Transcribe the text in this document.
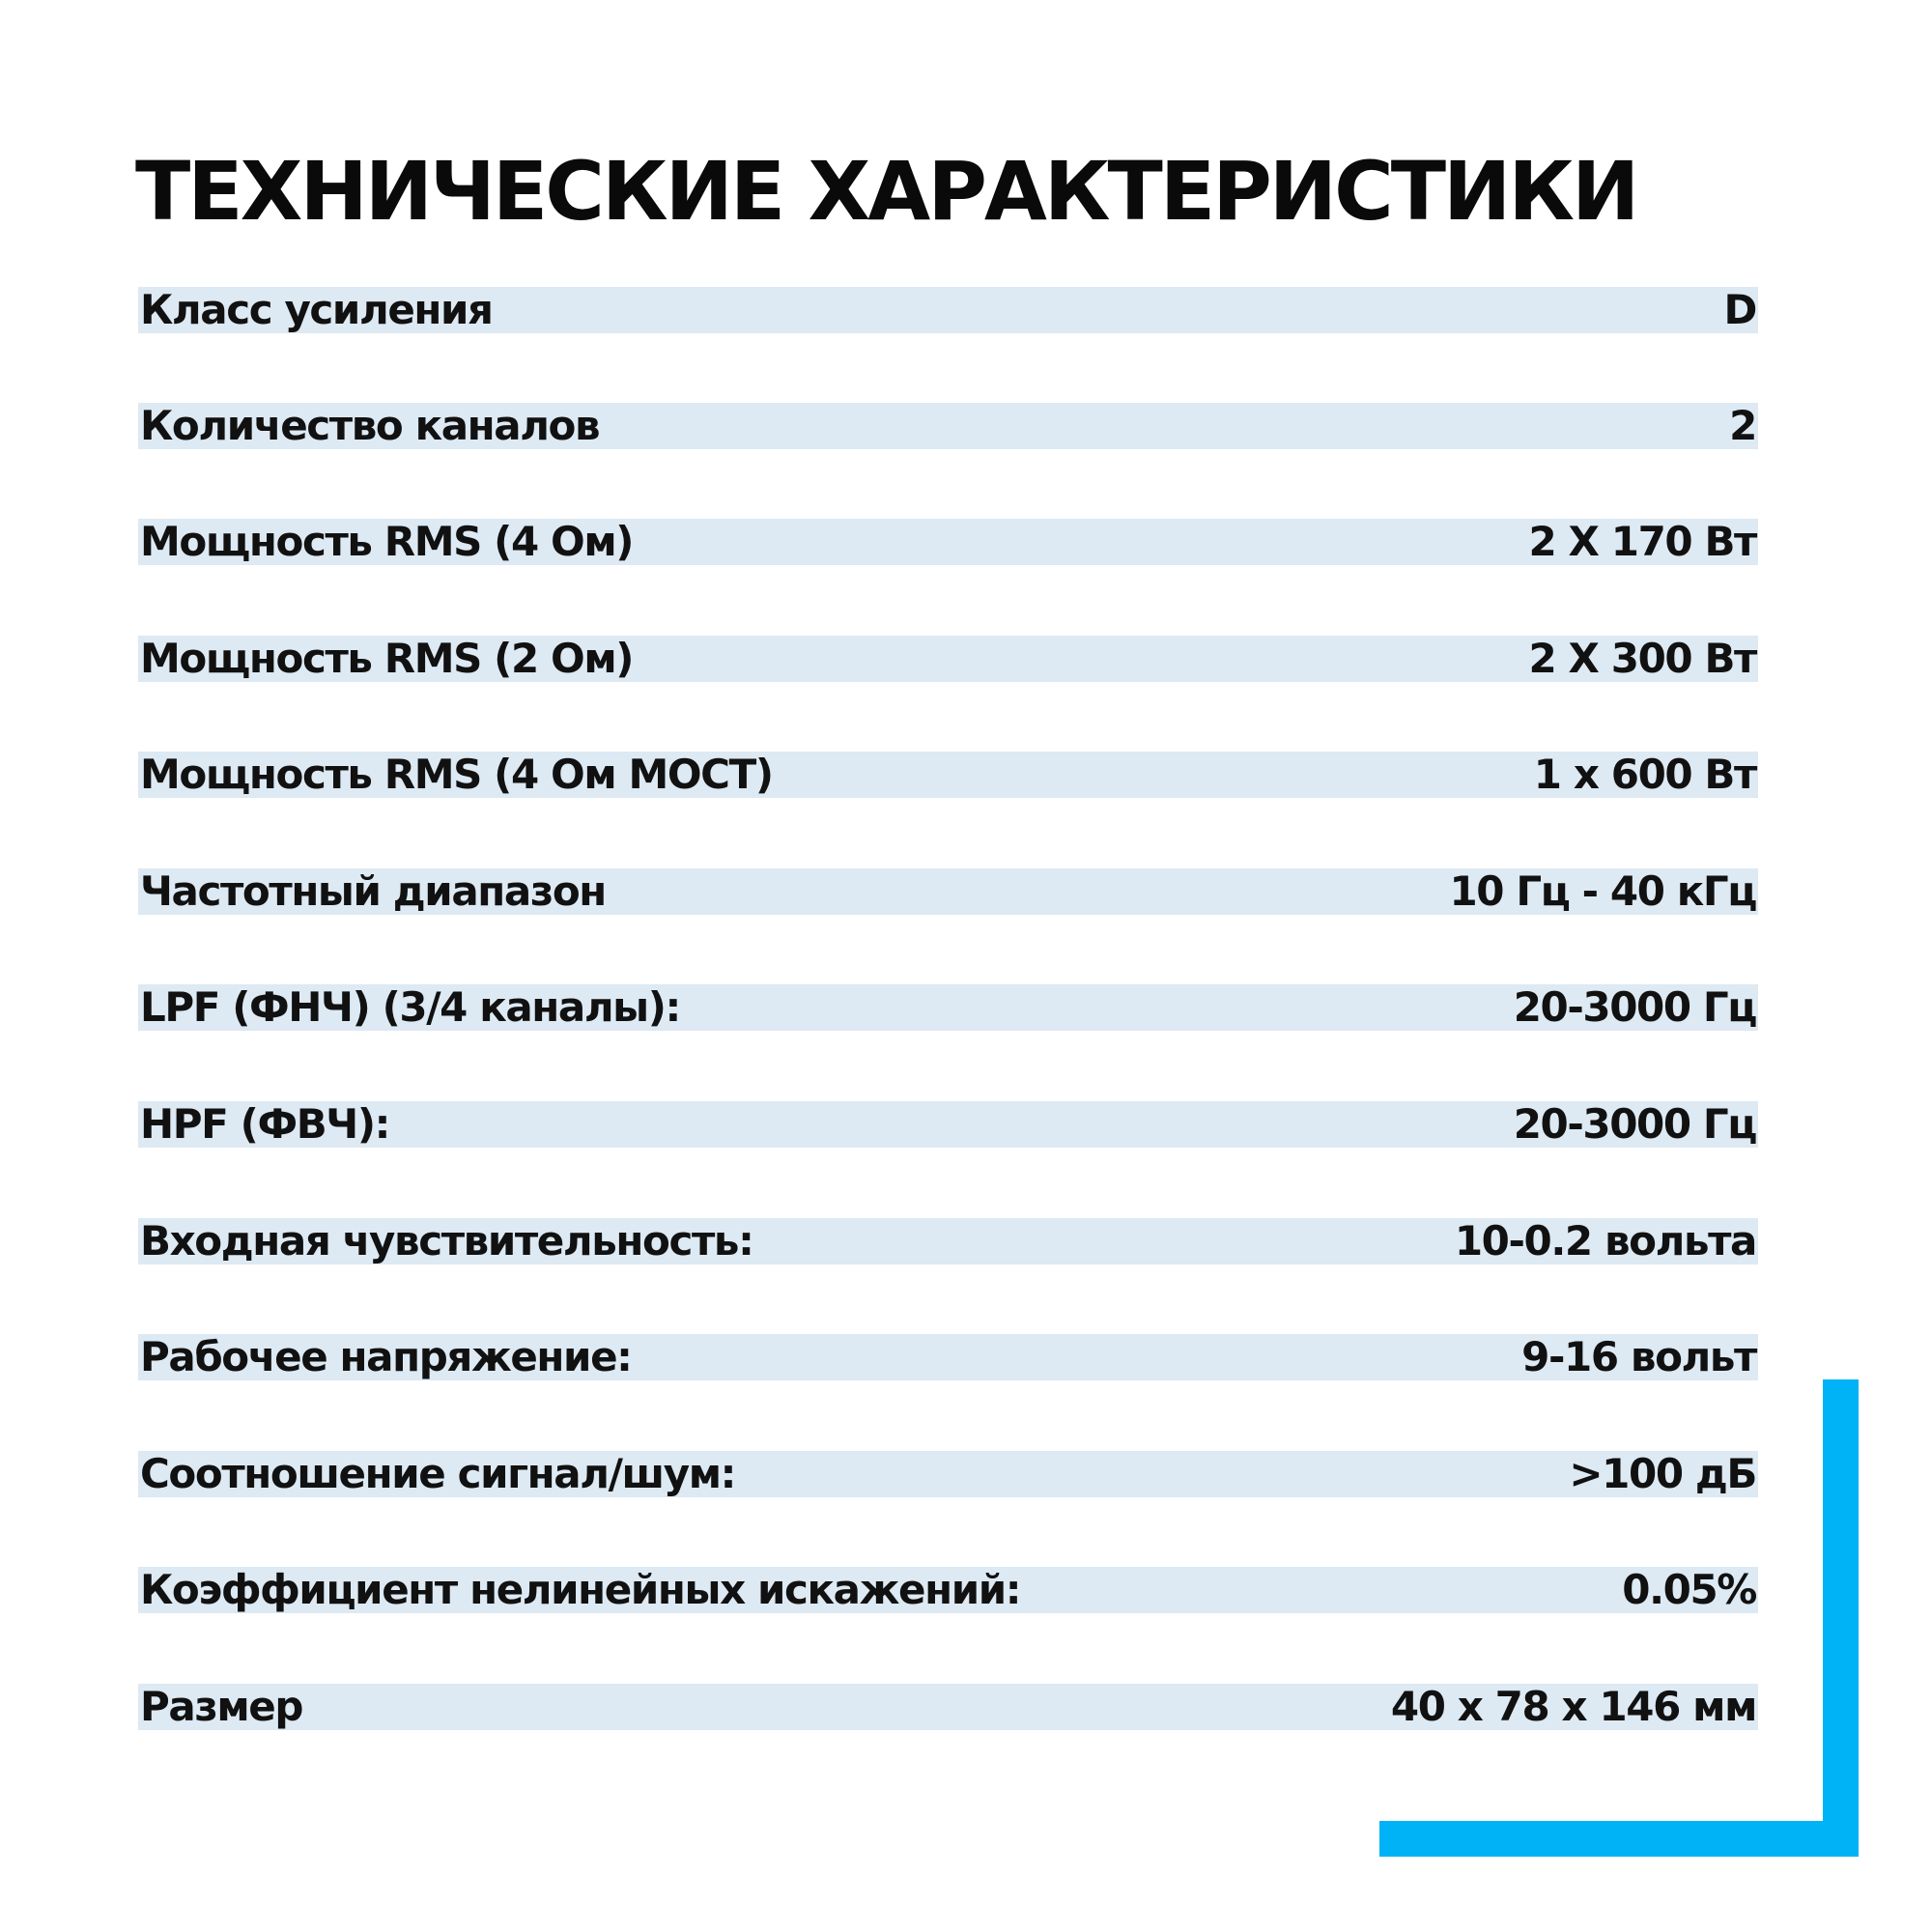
ТЕХНИЧЕСКИЕ ХАРАКТЕРИСТИКИ
Класс усиления	D
Количество каналов	2
Мощность RMS (4 Ом)	2 X 170 Вт
Мощность RMS (2 Ом)	2 X 300 Вт
Мощность RMS (4 Ом МОСТ)	1 x 600 Вт
Частотный диапазон	10 Гц - 40 кГц
LPF (ФНЧ) (3/4 каналы):	20-3000 Гц
HPF (ФВЧ):	20-3000 Гц
Входная чувствительность:	10-0.2 вольта
Рабочее напряжение:	9-16 вольт
Соотношение сигнал/шум:	>100 дБ
Коэффициент нелинейных искажений:	0.05%
Размер	40 x 78 x 146 мм
